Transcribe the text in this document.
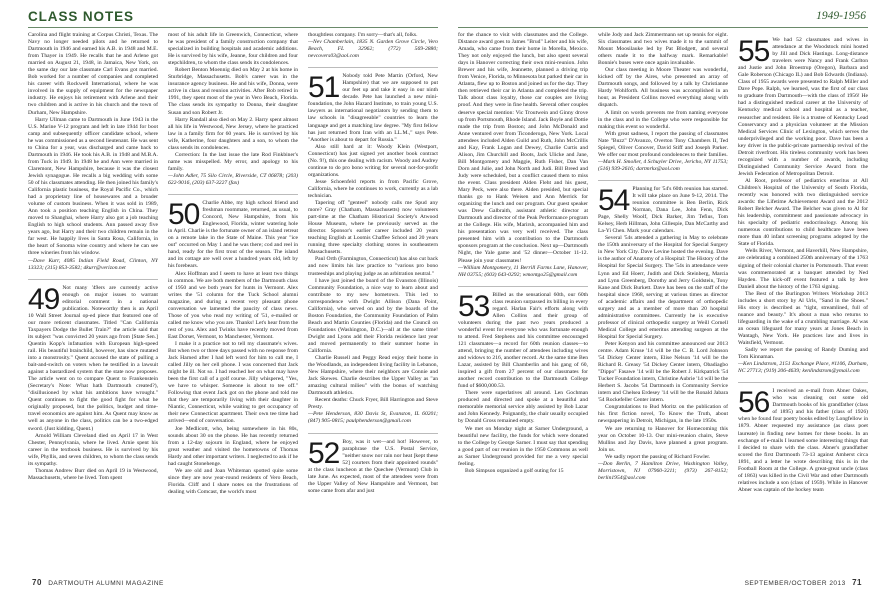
CLASS NOTES	1949-1956

Carolina and flight training at Corpus Christi, Texas. The Navy no longer needed pilots and he returned to Dartmouth in 1946 and earned his A.B. in 1948 and M.E. from Thayer in 1949. He recalls that he and Arlene got married on August 21, 1948, in Jamaica, New York, on the same day our late classmate Carl Evans got married. Bob worked for a number of companies and completed his career with Rockwell International, where he was involved in the supply of equipment for the newspaper industry. He enjoys his retirement with Arlene and their two children and is active in his church and the town of Durham, New Hampshire.

Harry Ullman came to Dartmouth in June 1943 in the U.S. Marine V-12 program and left in late 1944 for boot camp and subsequently officer candidate school, where he was commissioned as a second lieutenant. He was sent to China for a year, was discharged and came back to Dartmouth in 1946. He took his A.B. in 1948 and M.B.A. from Tuck in 1949. In 1948 he and Ann were married in Claremont, New Hampshire, because it was the closest Jewish synagogue. He recalls a big wedding with some 50 of his classmates attending. He then joined his family's California plastic business, the Royal Pacific Co., which had a proprietary line of housewares and a broader volume of custom business. When it was sold in 1989, Ann took a position teaching English in China. They moved to Shanghai, where Harry also got a job teaching English to high school students. Ann passed away five years ago, but Harry and their two children remain in the far west. He happily lives in Santa Rosa, California, in the heart of Sonoma wine country and where he can see three wineries from his window.

—Dave Kurr, 4085 Indian Field Road, Clinton, NY 13323; (315) 853-3582; dkurr@verizon.net

49 Not many '49ers are currently active enough on major issues to warrant editorial comment in a national publication. Noteworthy then is an April 10 Wall Street Journal op-ed piece that featured one of our more reticent classmates. Titled "Can California Taxpayers Dodge the Bullet Train?" the article said that its subject "was convicted 20 years ago from [State Sen.] Quentin Kopp's infatuation with European high-speed rail. His beautiful brainchild, however, has since mutated into a monstrosity." Quent accused the state of pulling a bait-and-switch on voters when he testified in a lawsuit against a bastardized system that the state now proposes. The article went on to compare Quent to Frankenstein (Secretary's Note: What hath Dartmouth created?), "disillusioned by what his ambitions have wrought." Quent continues to fight the good fight for what he originally proposed, but the politics, budget and time-travel economics are against him. As Quent may know as well as anyone in the class, politics can be a two-edged sword. (Just kidding, Quent.)

Arnold William Cleveland died on April 17 in West Chester, Pennsylvania, where he lived. Arnie spent his career in the textbook business. He is survived by his wife, Phyllis, and seven children, to whom the class sends its sympathy.

Thomas Andrew Burr died on April 19 in Westwood, Massachusetts, where he lived. Tom spent

most of his adult life in Greenwich, Connecticut, where he was president of a family construction company that specialized in building hospitals and academic additions. He is survived by his wife, Jeanne, four children and four stepchildren, to whom the class sends its condolences.

Robert Benton Moennig died on May 2 at his home in Sturbridge, Massachusetts. Bob's career was in the insurance agency business. He and his wife, Donna, were active in class and reunion activities. After Bob retired in 1991, they spent most of the year in Vero Beach, Florida. The class sends its sympathy to Donna, their daughter Susan and son Robert Jr.

Harry Randall also died on May 2. Harry spent almost all his life in Westwood, New Jersey, where he practiced law in a family firm for 60 years. He is survived by his wife, Katherine, four daughters and a son, to whom the class sends its condolences.

Correction: In the last issue the late Rod Finkbiner's name was misspelled. My error, and apology to his family.

—John Adler, 75 Silo Circle, Riverside, CT 06878; (203) 622-9016, (203) 637-3227 (fax)

50 Charlie Abbe, my high school friend and freshman roommate, returned, as usual, to Concord, New Hampshire, from his Englewood, Florida, winter watering hole in April. Charlie is the fortunate owner of an island retreat on a remote lake in the State of Maine. This year "ice out" occurred on May 1 and he was there; cod and reel in hand, ready for the first trout of the season. The island and its cottage are well over a hundred years old, left by his forebears.

Alex Hoffman and I seem to have at least two things in common. We are both members of the Dartmouth class of 1950 and we both years for hunts in Vermont. Alex writes the '51 column for the Tuck School alumni magazine, and during a recent very pleasant phone conversation we lamented the paucity of class news. Those of you who read my writing of '51, e-mailed or called me know who you are. Thanks! Let's hear from the rest of you. Alex and Twinks have recently moved from East Dorset, Vermont, to Manchester, Vermont.

I make it a practice not to tell my classmate's wives. But when two or three days passed with no response from Jack Harned after I had left word for him to call me, I called Jilly on her cell phone. I was concerned that Jack might be ill. Not so. I had reached her on what may have been the first call of a golf course. Jilly whispered, "Yes, we have to whisper. Someone is about to tee off." Following that event Jack got on the phone and told me that they are temporarily living with their daughter in Niantic, Connecticut, while waiting to get occupancy of their new Connecticut apartment. Their own tee time had arrived—end of conversation.

Joe Medlicott, who, being somewhere in his 80s, sounds about 30 on the phone. He has recently returned from a 12-day sojourn in England, where he enjoyed great weather and visited the hometowns of Thomas Hardy and other important writers. I neglected to ask if he had caught Stonehenge.

We are old and Joan Whiteman spotted quite some since they are now year-round residents of Vero Beach, Florida. Cliff and I share notes on the frustrations of dealing with Comcast, the world's most

thoughtless company. I'm sorry—that's all, folks.

—Nev Chamberlain, 1835 N. Garden Grove Circle, Vero Beach, FL 32962; (772) 569-2880; nevcovers03@aol.com

51 Nobody told Pete Martin (Orford, New Hampshire) that we are supposed to put our feet up and take it easy in our ninth decade. Pete has launched a new mini-foundation, the John Hazard Institute, to train young U.S. lawyers as international negotiators by sending them to law schools in "disagreeable" countries to learn the language and get a matching law degree. "My first fellow has just returned from Iran with an LL.M.," says Pete. "Another is about to depart for Russia."

Also still hard at it: Woody Klein (Westport, Connecticut) has just signed yet another book contract (No. 9!), this one dealing with racism. Woody and Audrey continue to do pro bono writing for several not-for-profit organizations.

Jesse Schoenfeld reports in from Pacific Grove, California, where he continues to work, currently as a lab technician.

Tapering off "genteel" nobody calls me Spud any more? Gray (Chatham, Massachusetts) now volunteers part-time at the Chatham Historical Society's Atwood House Museum, where he previously served as the director. Sponsor's earlier career included 20 years teaching English at Loomis Chaffee School and 20 years running three specialty clothing stores in southeastern Massachusetts.

Paul Orth (Farmington, Connecticut) has also cut back and now limits his law practice to "various pro bono trusteeships and playing judge as an arbitration neutral."

I have just joined the board of the Evanston (Illinois) Community Foundation, a nice way to learn about and contribute to my new hometown. This led to correspondence with Dwight Allison (Dana Point, California), who served on and by the boards of the Boston Foundation, the Community Foundation of Palm Beach and Martin Counties (Florida) and the Council on Foundations (Washington, D.C.)—all at the same time! Dwight and Lyons add their Florida residence last year and moved permanently to their summer home in California.

Charlie Russell and Peggy Read enjoy their home in the Woodlands, an independent living facility in Lebanon, New Hampshire, where their neighbors are Connie and Jack Skewes. Charlie describes the Upper Valley as "an amazing cultural milieu" with the bonus of watching Dartmouth athletics.

Recent deaths: Chuck Fryer, Bill Harrington and Steve Presty.

—Pete Henderson, 830 Davis St, Evanston, IL 60201; (847) 905-0815; paulphenderson@gmail.com

52 Boy, was it wet—and hot! However, to paraphrase the U.S. Postal Service, "neither snow nor rain nor heat [kept these 52] courters from their appointed rounds" at the class luncheon at the Quechee (Vermont) Club in late June. As expected, most of the attendees were from the Upper Valley of New Hampshire and Vermont, but some came from afar and just

for the chance to visit with classmates and the College. Distance award goes to James "Brud" Leiter and his wife, Amada, who came from their home in Morella, Mexico. They not only enjoyed the lunch, but also spent several days in Hanover correcting their own mini-reunion. John Brewer and his wife, Jeannette, planned a driving trip from Venice, Florida, to Minnesota but parked their car in Atlanta, flew up to Boston and joined us for the day. They then retrieved their car in Atlanta and completed the trip. Talk about class loyalty, those car couples are living proof. And they were in fine health. Several other couples deserve special mention: Vic Troutwein and Ginny drove up from Portsmouth, Rhode Island. Jack Boyle and Dottie made the trip from Boston; and John McDonald and Anne ventured over from Ticonderoga, New York. Local attendees included Alden Guild and Ruth, John McCrillis and Kay, Frank Logan and Dewey, Charlie Curtis and Alison, Jim Churchill and Boots, Jack Ulicke and Jane, Bill Montgomery and Maggie, Ruth Fisher, Dan Van Dorn and Julie, and John North and Judi. Bill Breed and Judy were scheduled, but a conflict caused them to miss the event. Class president Alden Fleht and his guest, Mary Peck, were also there. Alden presided, but special thanks go to Hank Weisen and Ann Merrick for organizing the lunch and our program. Our guest speaker was Drew Galbraith, assistant athletic director at Dartmouth and director of the Peak Performance program at the College. His wife, Marirsh, accompanied him and his presentation was very well received. The class presented him with a contribution to the Dartmouth sponsors program at the conclusion. Next up—Dartmouth Night, the Yale game and '52 dinner—October 11-12. Please join your classmates!

—William Montgomery, 11 Berrill Farms Lane, Hanover, NH 03755; (603) 643-0292; wmontgo25@gmail.com

53 Billed as the sensational 60th, our 60th class reunion surpassed its billing in every regard. Harlan Fair's efforts along with Allen Collins and their group of volunteers during the past two years produced a wonderful event for everyone who was fortunate enough to attend. Fred Stephens and his committee encouraged 121 classmates—a record for 60th reunion classes—to attend, bringing the number of attendees including wives and widows to 216, another record. At the same time Ben Lazar, assisted by Bill Chamberlin and his gang of 60, inspired a gift from 27 percent of our classmates for another record contribution to the Dartmouth College fund of $600,000.53.

There were superlatives all around. Len Gochman produced and directed and spoke at a beautiful and memorable memorial service ably assisted by Bob Lazar and John Kennedy. Poignantly, the chair usually occupied by Donald Gross remained empty.

We met on Monday night at Sarner Underground, a beautiful new facility, the funds for which were donated to the College by George Sarner. I must say that spending a good part of our reunion in the 1950 Commons as well as Sarner Underground provided for me a very special feeling.

Bob Simpson organized a golf outing for 15

while Jody and Jack Zimmermann set up tennis for eight. Six classmates and two wives made it to the summit of Mount Moosilauke led by Pat Blodgett, and several others made it to the halfway mark. Remarkable! Bonnie's buses were once again invaluable.

Our class meeting in Moore Theater was wonderful, kicked off by the Aires, who presented an array of Dartmouth songs, and followed by a talk by Christianne Hardy Wohlforth. All business was accomplished in an hour, as President Collins moved everything along with dispatch.

A limit on words prevents me from naming everyone in the class and in the College who were responsible for making this event so wonderful.

With great sadness, I report the passing of classmates Nate "Buzz" D'Avanzo, Overton Tony Chambers II, Ted Spiegel, Oliver Conover, David Stiff and Joseph Parker. We offer our most profound condolences to their families.

—Mark H. Smoller, 4 Schuyler Drive, Jericho, NY 11753; (516) 939-2616; dartmrkx@aol.com

54 Planning for '54's 60th reunion has started. It will take place on June 9-12, 2014. The reunion committee is Ben Berlin, Rick Norman, Dana Lee, John Fenn, Dick Page, Shelly Woolf, Dick Barker, Jim Tefius, Tom Kelsey, Herb Hillman, John Gillespie, Dan McCarthy and La-Yi Chen. Mark your calendars.

Several '54s attended a gathering in May to celebrate the 150th anniversary of the Hospital for Special Surgery in New York City. Dave Levine hosted the evening. Dave is the author of Anatomy of a Hospital: The History of the Hospital for Special Surgery. The '54s in attendance were Lynn and Ed Hoerr, Judith and Dick Steinberg, Marcia and Lynn Greenberg, Dorothy and Jerry Goldstein, Tony Kane and Dick Burkett. Dave has been on the staff of the hospital since 1968, serving at various times as director of academic affairs and the department of orthopedic surgery and as a member of more than 20 hospital administrative committees. Currently he is executive professor of clinical orthopedic surgery at Weill Cornell Medical College and emeritus attending surgeon at the Hospital for Special Surgery.

Peter Kenyon and his committee announced our 2013 centre. Adam Kruse '14 will be the C. B. Lord Johnson '54 Dickey Center intern, Elise Nelson '14 will be the Richard R. Greasy '54 Dickey Center intern, Obadiagbo "Dippo" Fasawe '14 will be the Robert J. Kirkpatrick '54 Tucker Foundation intern, Christine Aubrie '14 will be the Herbert S. Jacobs '54 Dartmouth in Community Service intern and Chelsea Erdesey '14 will be the Ronald Jabara '54 Rockefeller Center intern.

Congratulations to Bud Moritz on the publication of his first fiction novel, To Know the Truth, about newspapering in Detroit, Michigan, in the late 1950s.

We are returning to Hanover for Homecoming this year on October 10-13. Our mini-reunion chairs, Steve Mullins and Jay Davis, have planned a great program. Join us.

We sadly report the passing of Richard Fowler.

—Don Berlin, 7 Hamilton Drive, Washington Valley, Morristown, NJ 07960-3211; (973) 267-8152; berlin1954@aol.com

55 We had 52 classmates and wives in attendance at the Woodstock mini hosted by Jill and Dick Hastings. Long-distance travelers were Nancy and Frank Carlton and Justie and John Broestrup (Oregon), Barbara and Gale Roberson (Chicago IL) and Bob Edwards (Indiana). Class of 1955 awards were presented to Ralph Miller and Dave Pope. Ralph, we learned, was the first of our class to graduate from Dartmouth—with the class of 1956! He had a distinguished medical career at the University of Kentucky medical school and hospital as a teacher, researcher and resident. He is a trustee of Kentucky Lead Conservancy and a physician volunteer at the Mission Medical Services Clinic of Lexington, which serves the underprivileged and the working poor. Dave has been a key driver in the public-private partnership revival of the Detroit riverfront. His tireless community work has been recognized with a number of awards, including Distinguished Community Service Award from the Jewish Federation of Metropolitan Detroit.

Al Root, professor of pediatrics emeritus at All Children's Hospital of the University of South Florida, recently was honored with two distinguished service awards: the Lifetime Achievement Award and the 2012 Robert Belcher Award. The Belcher was given to Al for his leadership, commitment and passionate advocacy in his specialty of pediatric endocrinology. Among his numerous contributions to child healthcare have been more than 40 infant screening programs adopted by the State of Florida.

Wells River, Vermont, and Haverhill, New Hampshire, are celebrating a combined 250th anniversary of the 1763 signing of their colonial charter in Portsmouth. That event was commemorated at a banquet attended by Ned Hayden. The kick-off event featured a talk by Jere Daniell about the history of the 1763 signing.

The Best of the Burlington Writers Workshop 2013 includes a short story by Al Urls, "Sand in the Shoes." His story is described as "tight, streamlined, full of nuance and beauty." It's about a man who returns to lifeguarding in the wake of a crumbling marriage. Al was an ocean lifeguard for many years at Jones Beach in Wantagh, New York. He practices law and lives in Waitsfield, Vermont.

Sadly we report the passing of Randy Duming and Tom Kinnaman.

—Ken Lindstrom, 2151 Exchange Place, #1106, Durham, NC 27713; (919) 206-4639; kenlindstrom@ymail.com

56 I received an e-mail from Abner Oakes, who was cleaning out some old Dartmouth books of his grandfather (class of 1895) and his father (class of 1926) when he found four poetry books edited by Longfellow in 1879. Abner requested my assistance (as class poet laureate) in finding new homes for these books. In an exchange of e-mails I learned some interesting things that I decided to share with the class. Abner's grandfather scored the first Dartmouth 73-13 against Amherst circa 1891, and a letter he wrote describing this is in the Football Room at the College. A great-great uncle (class of 1863) was killed in the Civil War and other Dartmouth relatives include a son (class of 1959). While in Hanover Abner was captain of the hockey team

70 DARTMOUTH ALUMNI MAGAZINE	SEPTEMBER/OCTOBER 2013 71
